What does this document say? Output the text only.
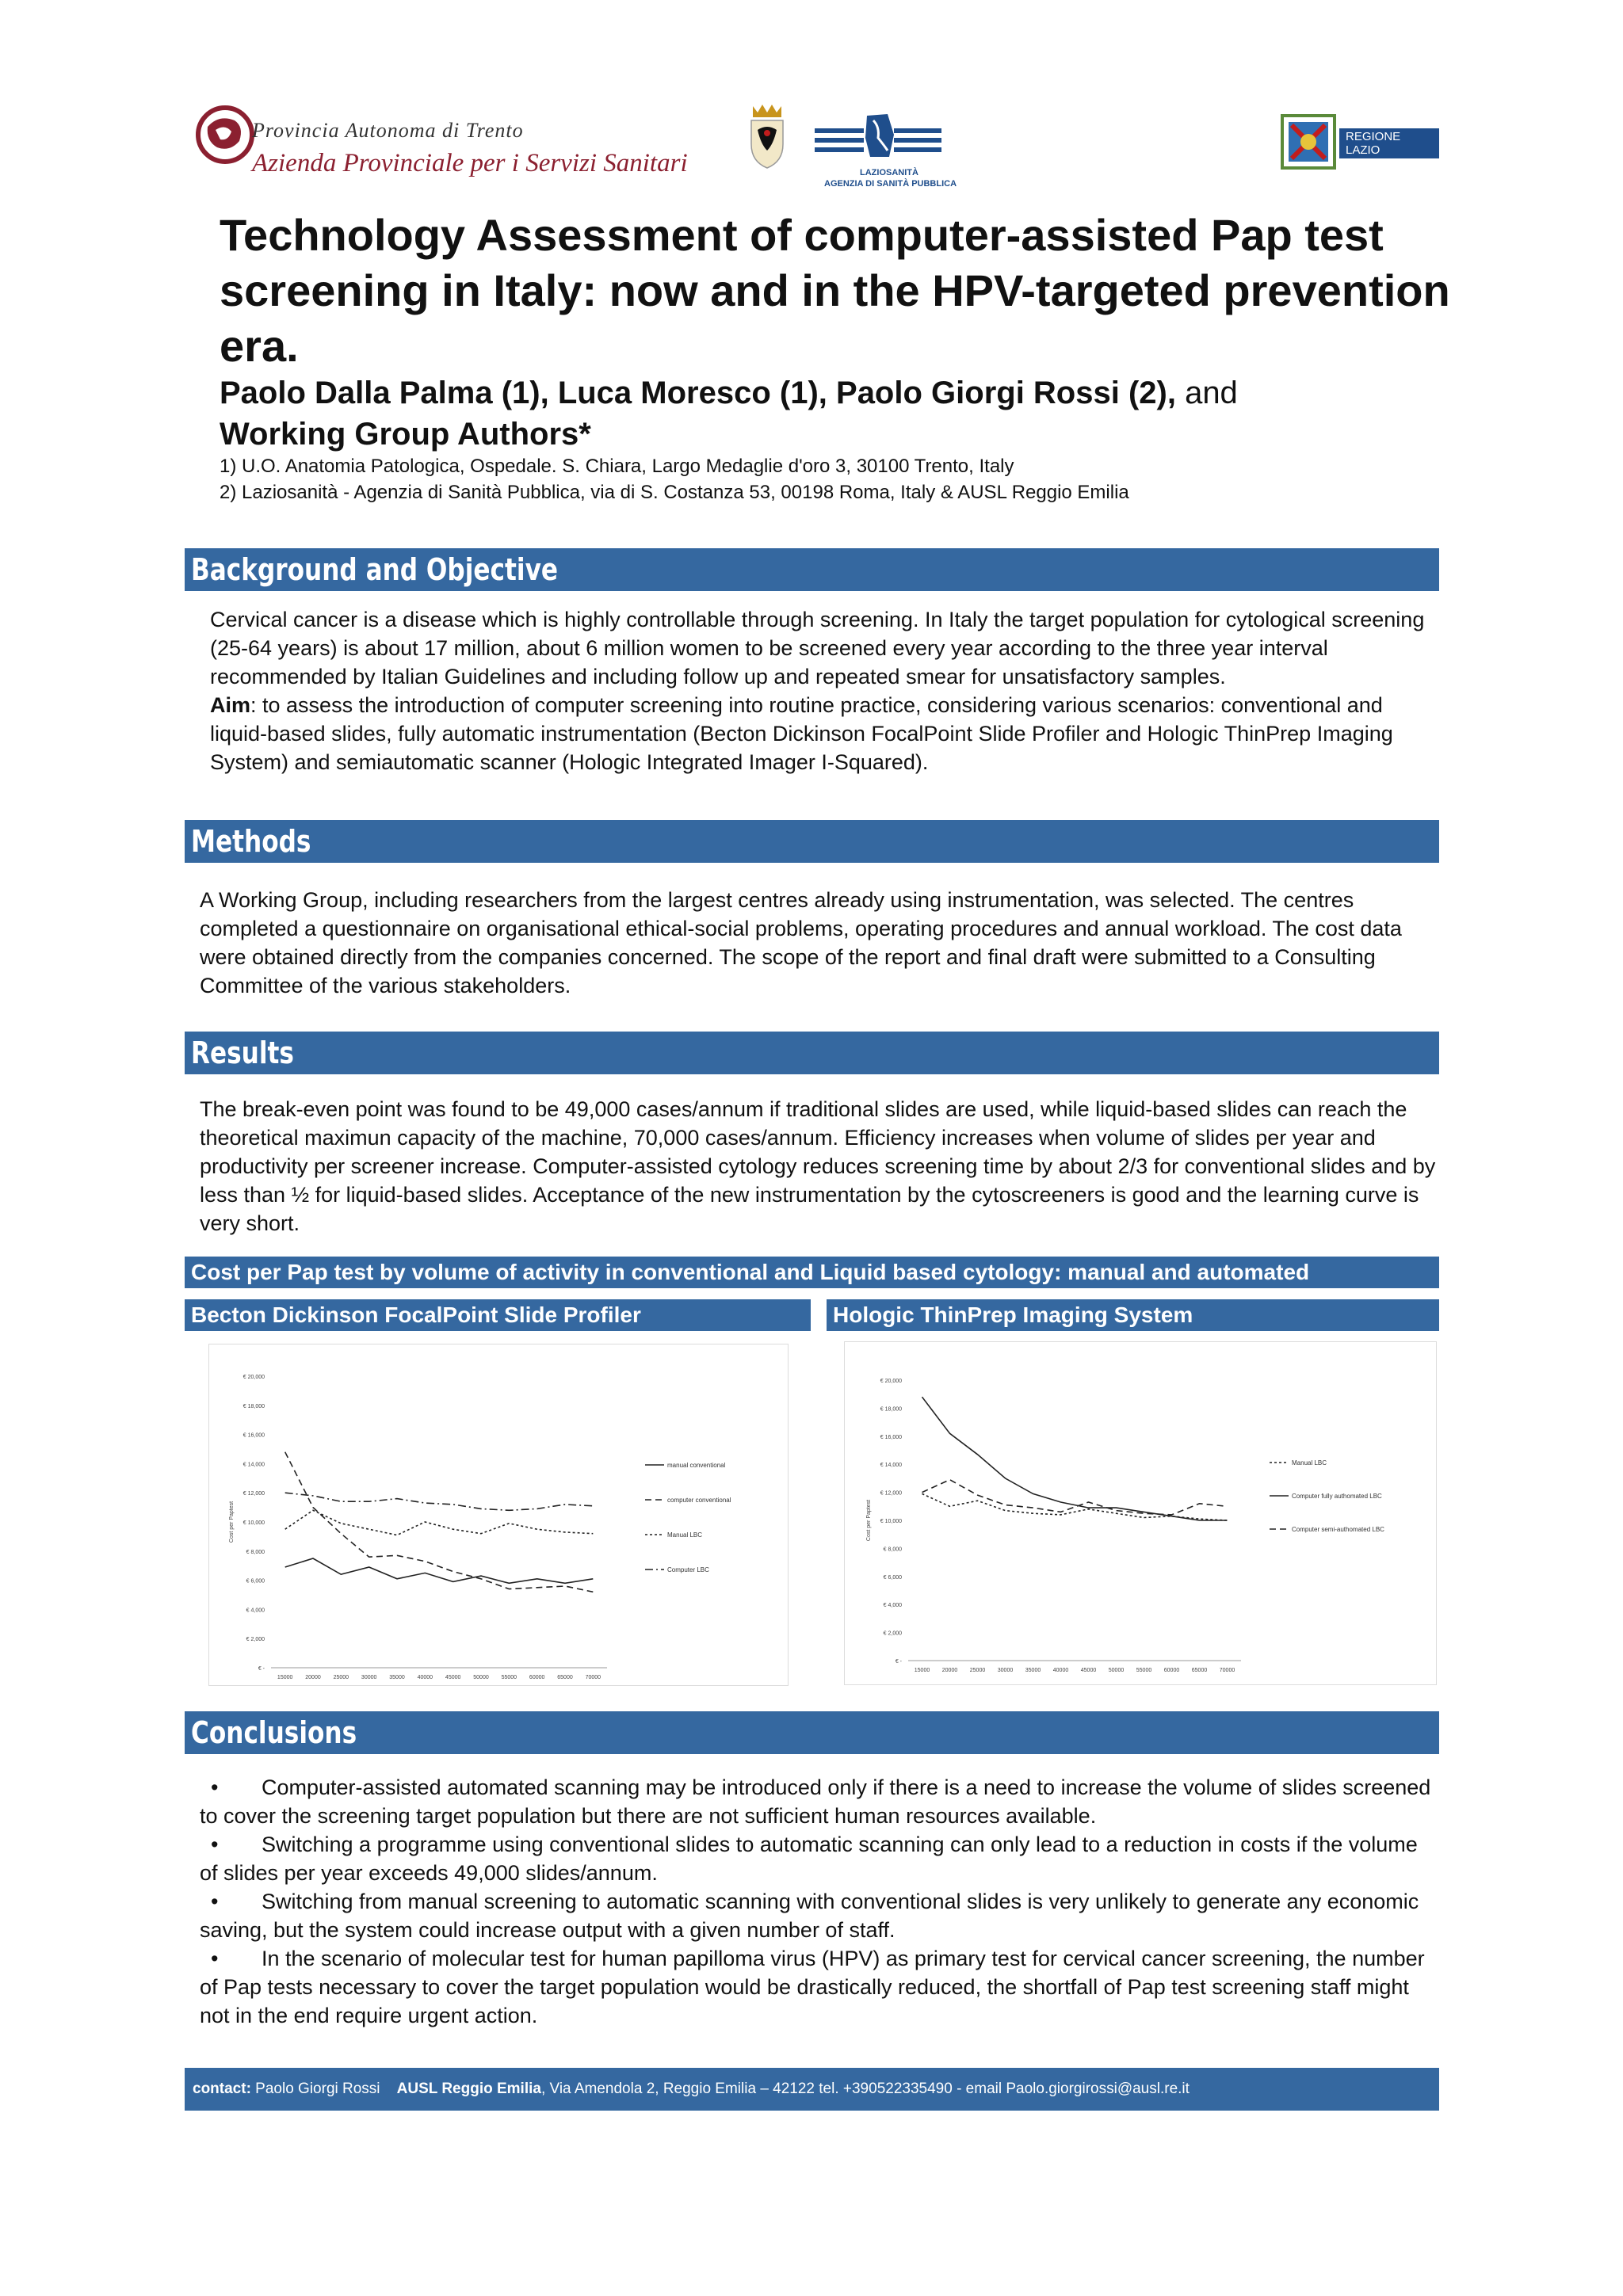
Provincia Autonoma di Trento
Azienda Provinciale per i Servizi Sanitari	LAZIOSANITÀ
AGENZIA DI SANITÀ PUBBLICA
REGIONE
LAZIO
Technology Assessment of computer-assisted Pap test screening in Italy: now and in the HPV-targeted prevention era.
Paolo Dalla Palma (1), Luca Moresco (1), Paolo Giorgi Rossi (2), and
Working Group Authors*
1) U.O. Anatomia Patologica, Ospedale. S. Chiara, Largo Medaglie d'oro 3, 30100 Trento, Italy
2) Laziosanità - Agenzia di Sanità Pubblica, via di S. Costanza 53, 00198 Roma, Italy & AUSL Reggio Emilia
Background and Objective
Cervical cancer is a disease which is highly controllable through screening. In Italy the target population for cytological screening (25-64 years) is about 17 million, about 6 million women to be screened every year according to the three year interval recommended by Italian Guidelines and including follow up and repeated smear for unsatisfactory samples.
Aim: to assess the introduction of computer screening into routine practice, considering various scenarios: conventional and liquid-based slides, fully automatic instrumentation (Becton Dickinson FocalPoint Slide Profiler and Hologic ThinPrep Imaging System) and semiautomatic scanner (Hologic Integrated Imager I-Squared).
Methods
A Working Group, including researchers from the largest centres already using instrumentation, was selected. The centres completed a questionnaire on organisational ethical-social problems, operating procedures and annual workload. The cost data were obtained directly from the companies concerned. The scope of the report and final draft were submitted to a Consulting Committee of the various stakeholders.
Results
The break-even point was found to be 49,000 cases/annum if traditional slides are used, while liquid-based slides can reach the theoretical maximun capacity of the machine, 70,000 cases/annum. Efficiency increases when volume of slides per year and productivity per screener increase. Computer-assisted cytology reduces screening time by about 2/3 for conventional slides and by less than ½ for liquid-based slides. Acceptance of the new instrumentation by the cytoscreeners is good and the learning curve is very short.
Cost per Pap test by volume of activity in conventional and Liquid based cytology: manual and automated
Becton Dickinson FocalPoint Slide Profiler	Hologic ThinPrep Imaging System
€ 20,000
€ 18,000
€ 16,000
€ 14,000
€ 12,000
€ 10,000
€ 8,000
€ 6,000
€ 4,000
€ 2,000
€ -
15000 20000 25000 30000 35000 40000 45000 50000 55000 60000 65000 70000
Cost per Paptest
manual conventional
computer conventional
Manual LBC
Computer LBC
€ 20,000
€ 18,000
€ 16,000
€ 14,000
€ 12,000
€ 10,000
€ 8,000
€ 6,000
€ 4,000
€ 2,000
€ -
15000 20000 25000 30000 35000 40000 45000 50000 55000 60000 65000 70000
Cost per Paptest
Manual LBC
Computer fully authomated LBC
Computer semi-authomated LBC
Conclusions
• Computer-assisted automated scanning may be introduced only if there is a need to increase the volume of slides screened to cover the screening target population but there are not sufficient human resources available.
• Switching a programme using conventional slides to automatic scanning can only lead to a reduction in costs if the volume of slides per year exceeds 49,000 slides/annum.
• Switching from manual screening to automatic scanning with conventional slides is very unlikely to generate any economic saving, but the system could increase output with a given number of staff.
• In the scenario of molecular test for human papilloma virus (HPV) as primary test for cervical cancer screening, the number of Pap tests necessary to cover the target population would be drastically reduced, the shortfall of Pap test screening staff might not in the end require urgent action.
contact: Paolo Giorgi Rossi    AUSL Reggio Emilia, Via Amendola 2, Reggio Emilia – 42122 tel. +390522335490 - email Paolo.giorgirossi@ausl.re.it
